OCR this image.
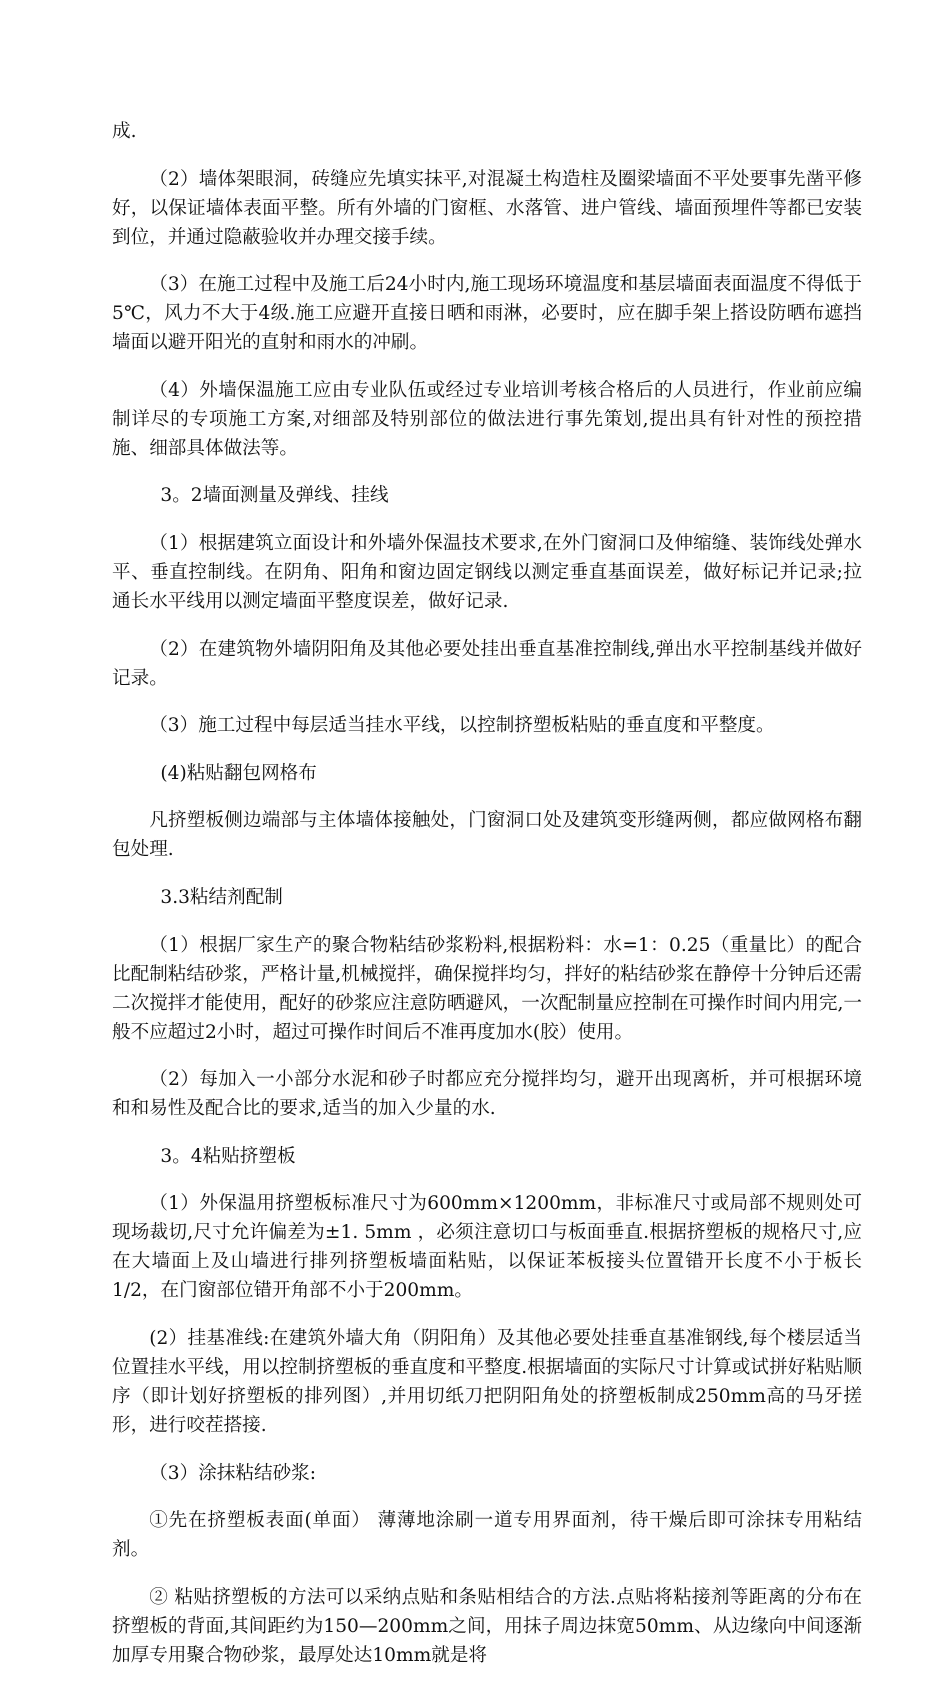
成.

（2）墙体架眼洞，砖缝应先填实抹平,对混凝土构造柱及圈梁墙面不平处要事先凿平修好，以保证墙体表面平整。所有外墙的门窗框、水落管、进户管线、墙面预埋件等都已安装到位，并通过隐蔽验收并办理交接手续。

（3）在施工过程中及施工后24小时内,施工现场环境温度和基层墙面表面温度不得低于5℃，风力不大于4级.施工应避开直接日晒和雨淋，必要时，应在脚手架上搭设防晒布遮挡墙面以避开阳光的直射和雨水的冲刷。

（4）外墙保温施工应由专业队伍或经过专业培训考核合格后的人员进行，作业前应编制详尽的专项施工方案,对细部及特别部位的做法进行事先策划,提出具有针对性的预控措施、细部具体做法等。

3。2墙面测量及弹线、挂线

（1）根据建筑立面设计和外墙外保温技术要求,在外门窗洞口及伸缩缝、装饰线处弹水平、垂直控制线。在阴角、阳角和窗边固定钢线以测定垂直基面误差，做好标记并记录;拉通长水平线用以测定墙面平整度误差，做好记录.

（2）在建筑物外墙阴阳角及其他必要处挂出垂直基准控制线,弹出水平控制基线并做好记录。

（3）施工过程中每层适当挂水平线，以控制挤塑板粘贴的垂直度和平整度。

(4)粘贴翻包网格布

凡挤塑板侧边端部与主体墙体接触处，门窗洞口处及建筑变形缝两侧，都应做网格布翻包处理.

3.3粘结剂配制

（1）根据厂家生产的聚合物粘结砂浆粉料,根据粉料：水=1：0.25（重量比）的配合比配制粘结砂浆，严格计量,机械搅拌，确保搅拌均匀，拌好的粘结砂浆在静停十分钟后还需二次搅拌才能使用，配好的砂浆应注意防晒避风，一次配制量应控制在可操作时间内用完,一般不应超过2小时，超过可操作时间后不准再度加水(胶）使用。

（2）每加入一小部分水泥和砂子时都应充分搅拌均匀，避开出现离析，并可根据环境和和易性及配合比的要求,适当的加入少量的水.

3。4粘贴挤塑板

（1）外保温用挤塑板标准尺寸为600mm×1200mm，非标准尺寸或局部不规则处可现场裁切,尺寸允许偏差为±1. 5mm ，必须注意切口与板面垂直.根据挤塑板的规格尺寸,应在大墙面上及山墙进行排列挤塑板墙面粘贴，以保证苯板接头位置错开长度不小于板长1/2，在门窗部位错开角部不小于200mm。

(2）挂基准线:在建筑外墙大角（阴阳角）及其他必要处挂垂直基准钢线,每个楼层适当位置挂水平线，用以控制挤塑板的垂直度和平整度.根据墙面的实际尺寸计算或试拼好粘贴顺序（即计划好挤塑板的排列图）,并用切纸刀把阴阳角处的挤塑板制成250mm高的马牙搓形，进行咬茬搭接.

（3）涂抹粘结砂浆:

①先在挤塑板表面(单面） 薄薄地涂刷一道专用界面剂，待干燥后即可涂抹专用粘结剂。

② 粘贴挤塑板的方法可以采纳点贴和条贴相结合的方法.点贴将粘接剂等距离的分布在挤塑板的背面,其间距约为150—200mm之间，用抹子周边抹宽50mm、从边缘向中间逐渐加厚专用聚合物砂浆，最厚处达10mm就是将
